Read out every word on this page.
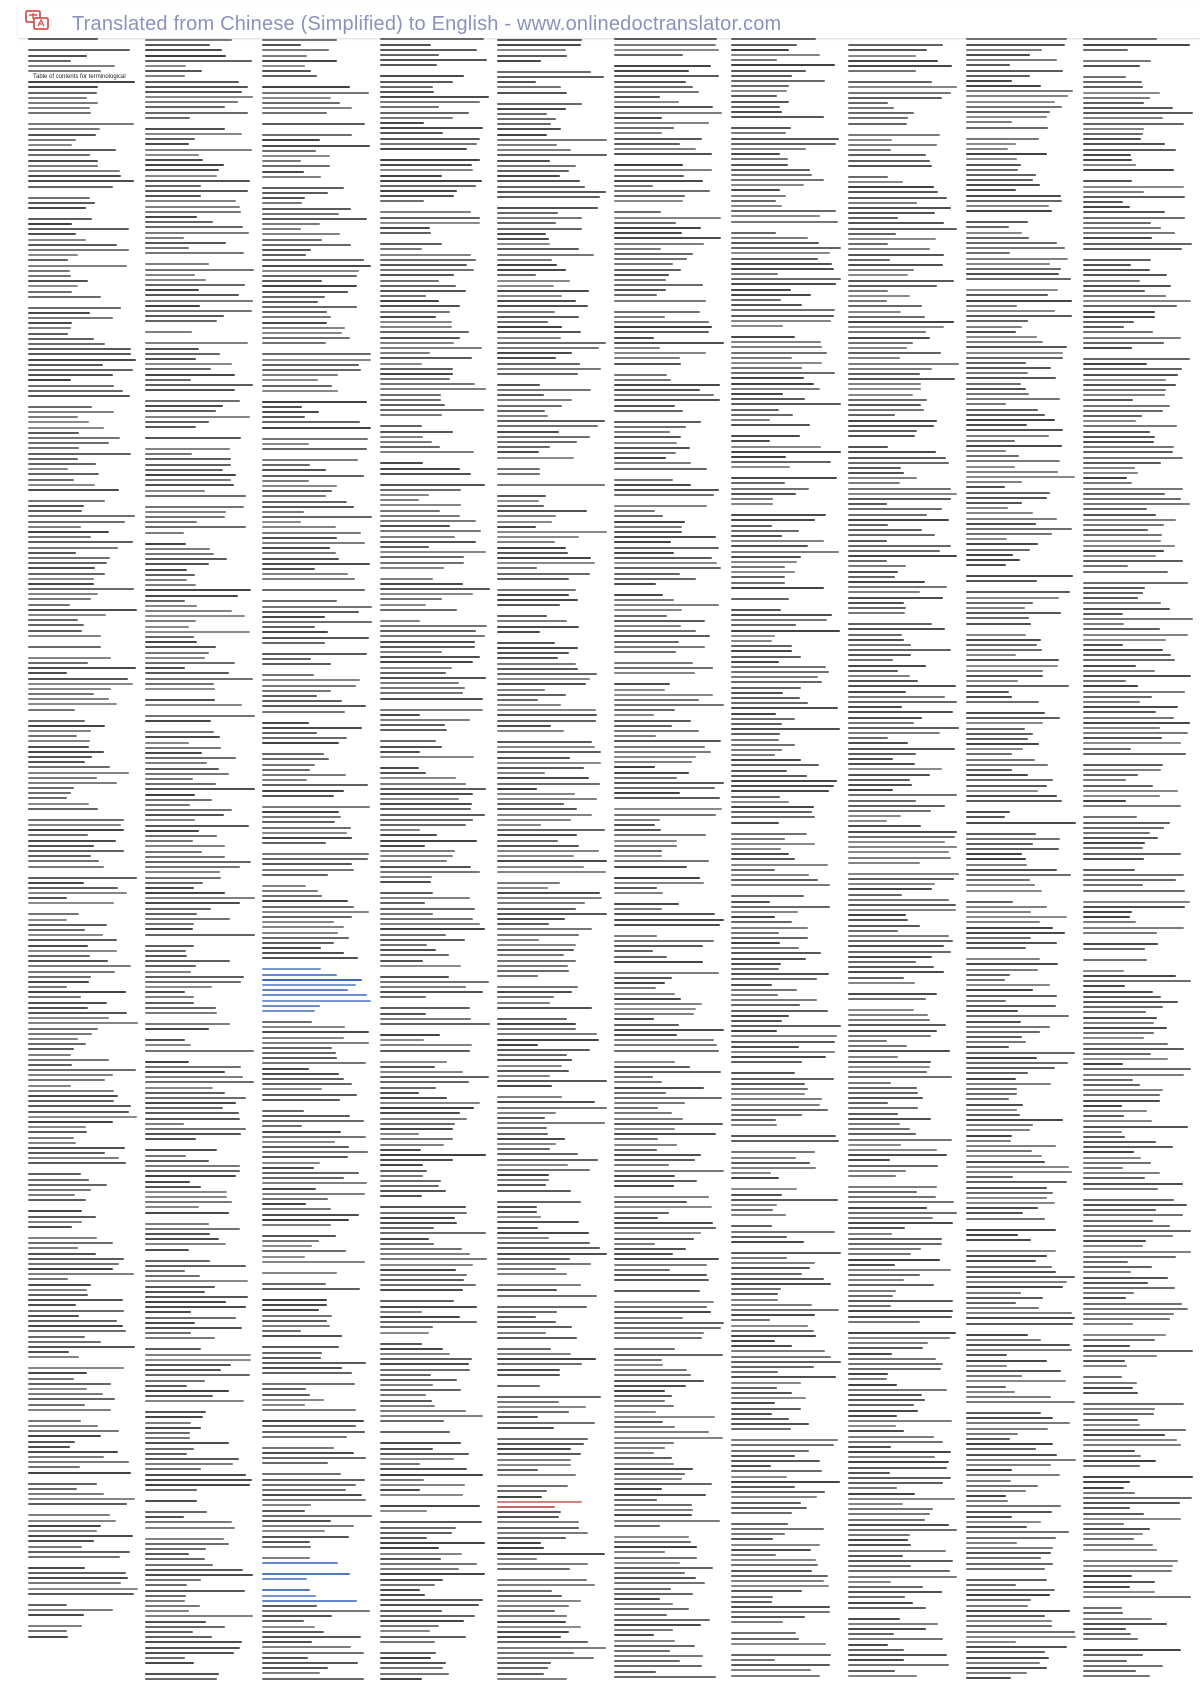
Translated from Chinese (Simplified) to English - www.onlinedoctranslator.com
Table of contents for terminological
